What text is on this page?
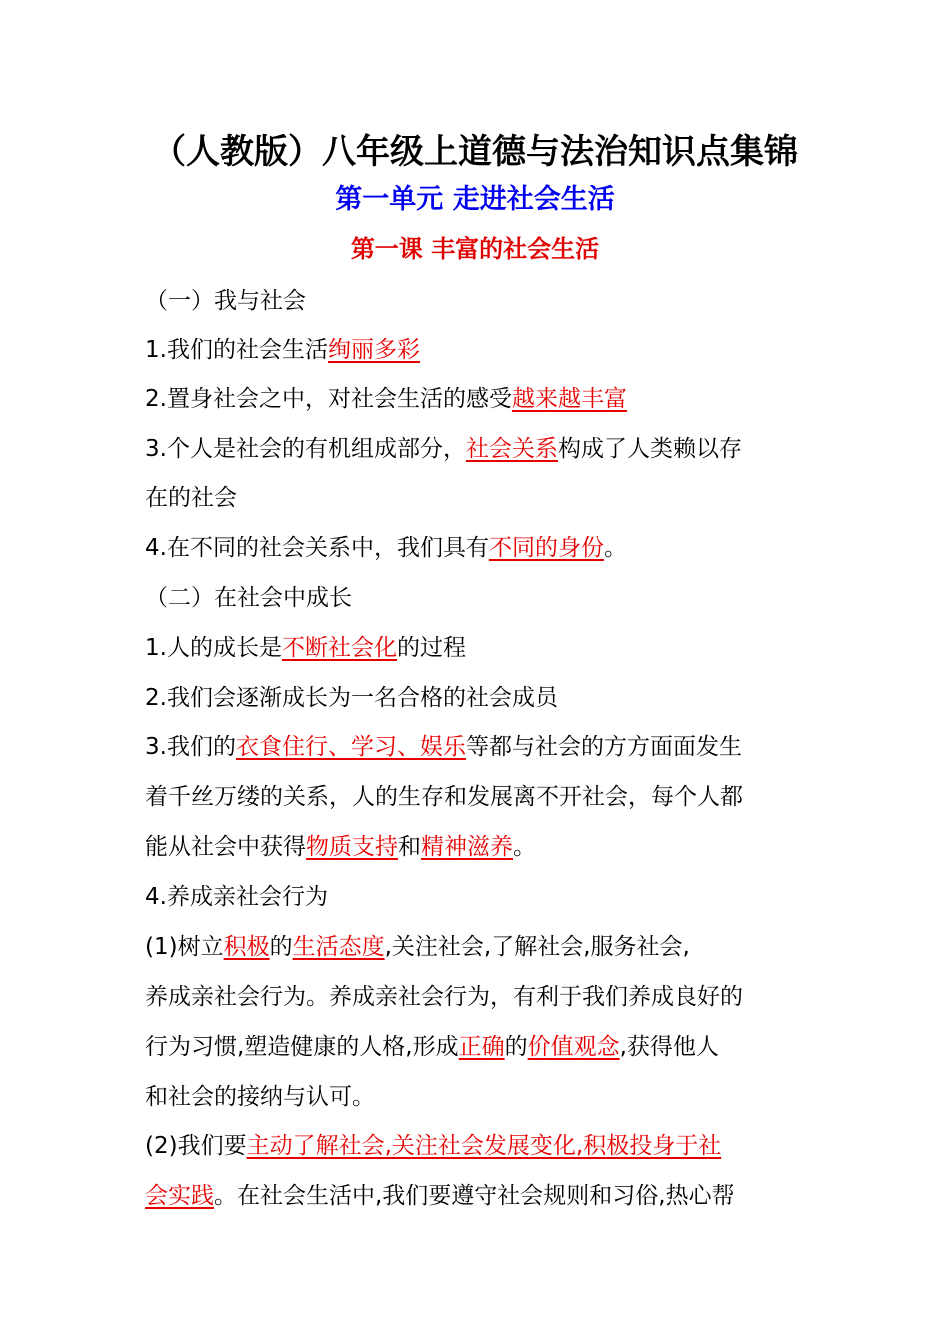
（人教版）八年级上道德与法治知识点集锦
第一单元 走进社会生活
第一课 丰富的社会生活
（一）我与社会
1.我们的社会生活绚丽多彩
2.置身社会之中，对社会生活的感受越来越丰富
3.个人是社会的有机组成部分，社会关系构成了人类赖以存
在的社会
4.在不同的社会关系中，我们具有不同的身份。
（二）在社会中成长
1.人的成长是不断社会化的过程
2.我们会逐渐成长为一名合格的社会成员
3.我们的衣食住行、学习、娱乐等都与社会的方方面面发生
着千丝万缕的关系，人的生存和发展离不开社会，每个人都
能从社会中获得物质支持和精神滋养。
4.养成亲社会行为
(1)树立积极的生活态度,关注社会,了解社会,服务社会,
养成亲社会行为。养成亲社会行为，有利于我们养成良好的
行为习惯,塑造健康的人格,形成正确的价值观念,获得他人
和社会的接纳与认可。
(2)我们要主动了解社会,关注社会发展变化,积极投身于社
会实践。在社会生活中,我们要遵守社会规则和习俗,热心帮
